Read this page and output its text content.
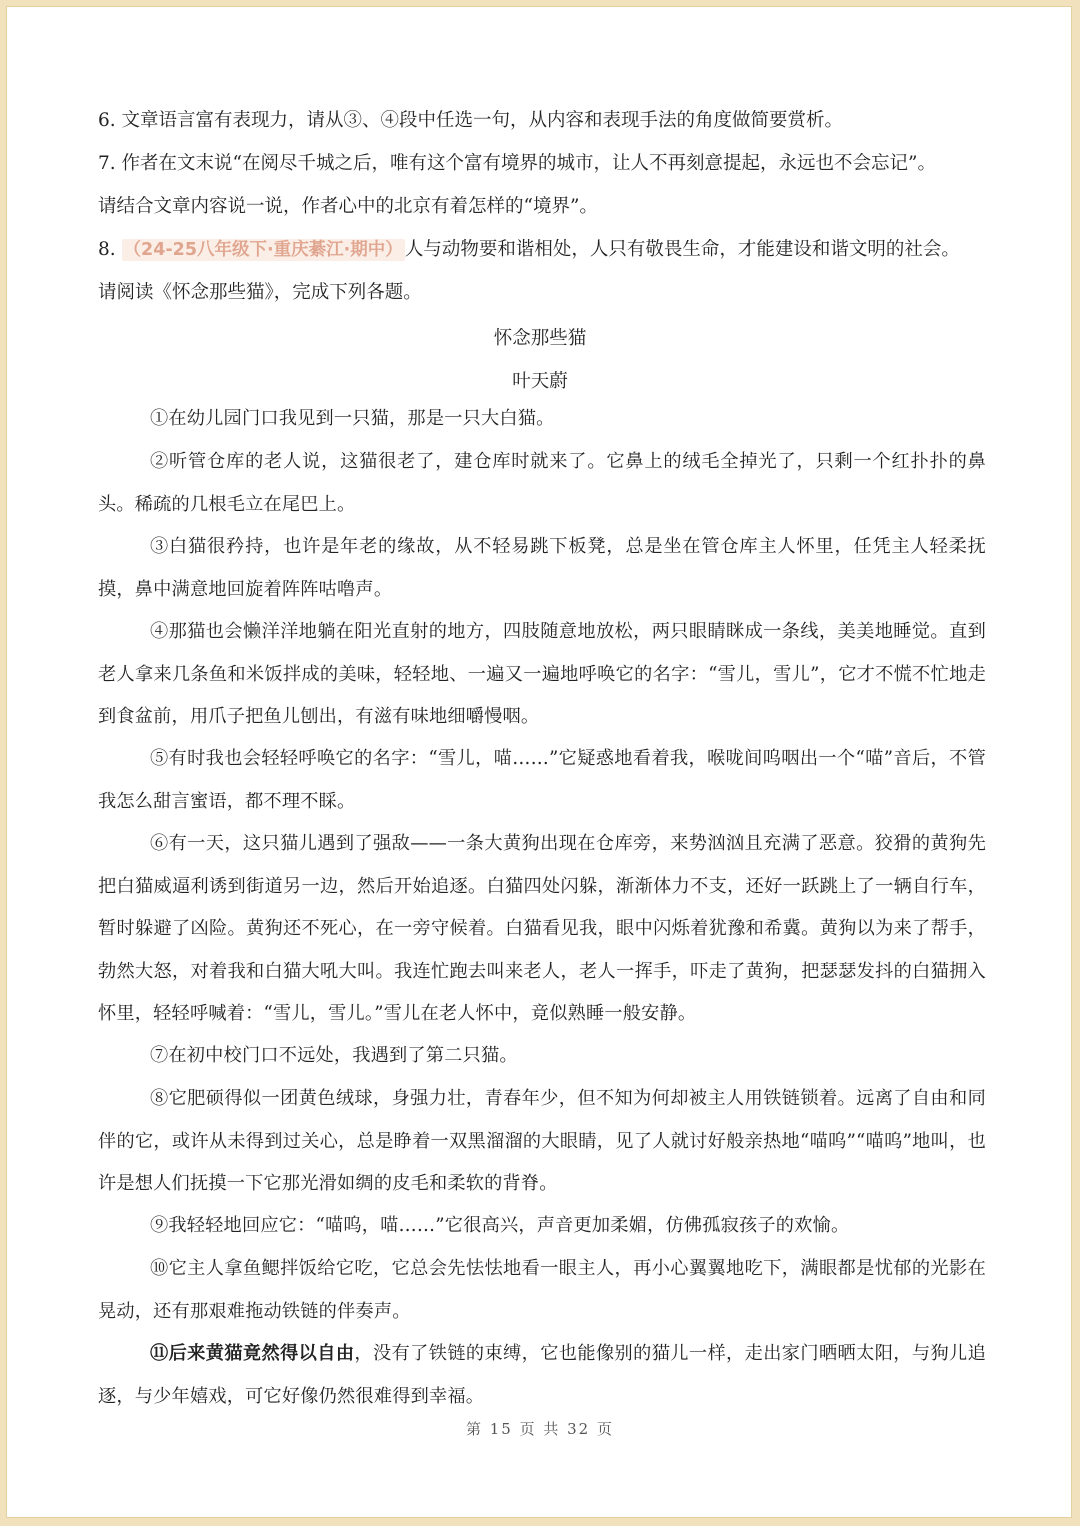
6. 文章语言富有表现力，请从③、④段中任选一句，从内容和表现手法的角度做简要赏析。

7. 作者在文末说“在阅尽千城之后，唯有这个富有境界的城市，让人不再刻意提起，永远也不会忘记”。

请结合文章内容说一说，作者心中的北京有着怎样的“境界”。

8. （24-25八年级下·重庆綦江·期中） 人与动物要和谐相处，人只有敬畏生命，才能建设和谐文明的社会。

请阅读《怀念那些猫》，完成下列各题。

怀念那些猫

叶天蔚

①在幼儿园门口我见到一只猫，那是一只大白猫。

②听管仓库的老人说，这猫很老了，建仓库时就来了。它鼻上的绒毛全掉光了，只剩一个红扑扑的鼻头。稀疏的几根毛立在尾巴上。

③白猫很矜持，也许是年老的缘故，从不轻易跳下板凳，总是坐在管仓库主人怀里，任凭主人轻柔抚摸，鼻中满意地回旋着阵阵咕噜声。

④那猫也会懒洋洋地躺在阳光直射的地方，四肢随意地放松，两只眼睛眯成一条线，美美地睡觉。直到老人拿来几条鱼和米饭拌成的美味，轻轻地、一遍又一遍地呼唤它的名字：“雪儿，雪儿”，它才不慌不忙地走到食盆前，用爪子把鱼儿刨出，有滋有味地细嚼慢咽。

⑤有时我也会轻轻呼唤它的名字：“雪儿，喵……”它疑惑地看着我，喉咙间呜咽出一个“喵”音后，不管我怎么甜言蜜语，都不理不睬。

⑥有一天，这只猫儿遇到了强敌——一条大黄狗出现在仓库旁，来势汹汹且充满了恶意。狡猾的黄狗先把白猫威逼利诱到街道另一边，然后开始追逐。白猫四处闪躲，渐渐体力不支，还好一跃跳上了一辆自行车，暂时躲避了凶险。黄狗还不死心，在一旁守候着。白猫看见我，眼中闪烁着犹豫和希冀。黄狗以为来了帮手，勃然大怒，对着我和白猫大吼大叫。我连忙跑去叫来老人，老人一挥手，吓走了黄狗，把瑟瑟发抖的白猫拥入怀里，轻轻呼喊着：“雪儿，雪儿。”雪儿在老人怀中，竟似熟睡一般安静。

⑦在初中校门口不远处，我遇到了第二只猫。

⑧它肥硕得似一团黄色绒球，身强力壮，青春年少，但不知为何却被主人用铁链锁着。远离了自由和同伴的它，或许从未得到过关心，总是睁着一双黑溜溜的大眼睛，见了人就讨好般亲热地“喵呜”“喵呜”地叫，也许是想人们抚摸一下它那光滑如绸的皮毛和柔软的背脊。

⑨我轻轻地回应它：“喵呜，喵……”它很高兴，声音更加柔媚，仿佛孤寂孩子的欢愉。

⑩它主人拿鱼鳃拌饭给它吃，它总会先怯怯地看一眼主人，再小心翼翼地吃下，满眼都是忧郁的光影在晃动，还有那艰难拖动铁链的伴奏声。

⑪后来黄猫竟然得以自由，没有了铁链的束缚，它也能像别的猫儿一样，走出家门晒晒太阳，与狗儿追逐，与少年嬉戏，可它好像仍然很难得到幸福。

第 15 页 共 32 页
